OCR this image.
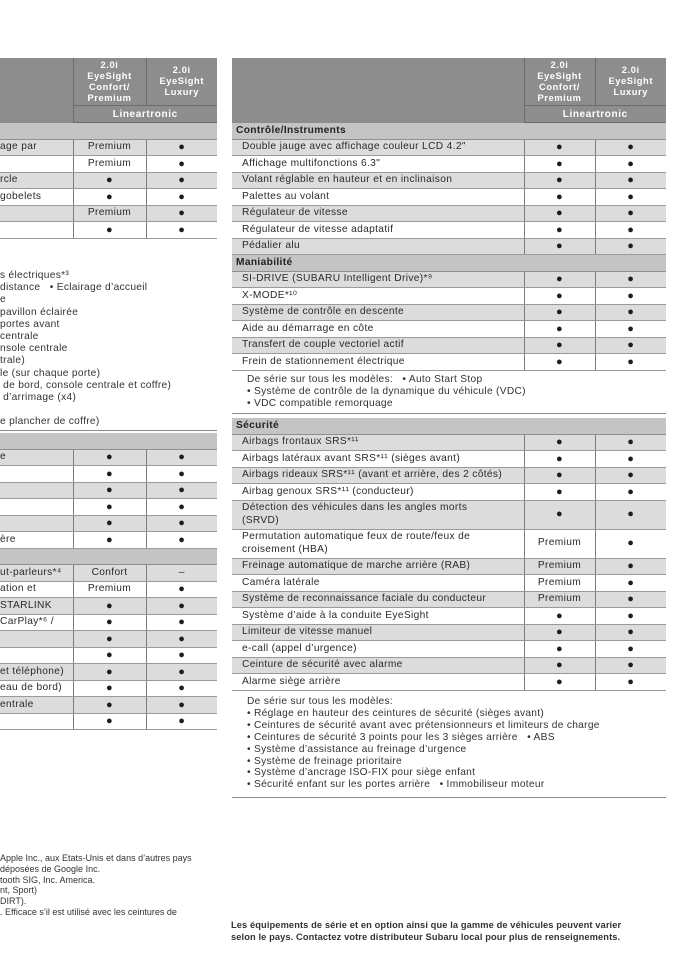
	2.0i EyeSight
Confort/
Premium	2.0i EyeSight
Luxury
	Lineartronic	

age par	Premium	●
	Premium	●
rcle	●	●
gobelets	●	●
	Premium	●
	●	●
s électriques*³
distance   • Eclairage d’accueil
e
pavillon éclairée
portes avant
centrale
nsole centrale
trale)
le (sur chaque porte)
de bord, console centrale et coffre)
d’arrimage (x4)

e plancher de coffre)

e	●	●
	●	●
	●	●
	●	●
	●	●
ère	●	●

ut-parleurs*⁴	Confort	–
ation et	Premium	●
STARLINK	●	●
CarPlay*⁶ /	●	●
	●	●
	●	●
et téléphone)	●	●
eau de bord)	●	●
entrale	●	●
	●	●
	2.0i EyeSight
Confort/
Premium	2.0i EyeSight
Luxury
	Lineartronic	
Contrôle/Instruments		
Double jauge avec affichage couleur LCD 4.2"	●	●
Affichage multifonctions 6.3"	●	●
Volant réglable en hauteur et en inclinaison	●	●
Palettes au volant	●	●
Régulateur de vitesse	●	●
Régulateur de vitesse adaptatif	●	●
Pédalier alu	●	●
Maniabilité		
SI-DRIVE (SUBARU Intelligent Drive)*⁹	●	●
X-MODE*¹⁰	●	●
Système de contrôle en descente	●	●
Aide au démarrage en côte	●	●
Transfert de couple vectoriel actif	●	●
Frein de stationnement électrique	●	●
De série sur tous les modèles:   • Auto Start Stop
• Système de contrôle de la dynamique du véhicule (VDC)
• VDC compatible remorquage
Sécurité		
Airbags frontaux SRS*¹¹	●	●
Airbags latéraux avant SRS*¹¹ (sièges avant)	●	●
Airbags rideaux SRS*¹¹ (avant et arrière, des 2 côtés)	●	●
Airbag genoux SRS*¹¹ (conducteur)	●	●
Détection des véhicules dans les angles morts
(SRVD)	●	●
Permutation automatique feux de route/feux de
croisement (HBA)	Premium	●
Freinage automatique de marche arrière (RAB)	Premium	●
Caméra latérale	Premium	●
Système de reconnaissance faciale du conducteur	Premium	●
Système d’aide à la conduite EyeSight	●	●
Limiteur de vitesse manuel	●	●
e-call (appel d’urgence)	●	●
Ceinture de sécurité avec alarme	●	●
Alarme siège arrière	●	●
De série sur tous les modèles:
• Réglage en hauteur des ceintures de sécurité (sièges avant)
• Ceintures de sécurité avant avec prétensionneurs et limiteurs de charge
• Ceintures de sécurité 3 points pour les 3 sièges arrière   • ABS
• Système d’assistance au freinage d’urgence
• Système de freinage prioritaire
• Système d’ancrage ISO-FIX pour siège enfant
• Sécurité enfant sur les portes arrière   • Immobiliseur moteur
Apple Inc., aux Etats-Unis et dans d’autres pays
déposées de Google Inc.
tooth SIG, Inc. America.
nt, Sport)
DIRT).
. Efficace s’il est utilisé avec les ceintures de
Les équipements de série et en option ainsi que la gamme de véhicules peuvent varier
selon le pays. Contactez votre distributeur Subaru local pour plus de renseignements.
